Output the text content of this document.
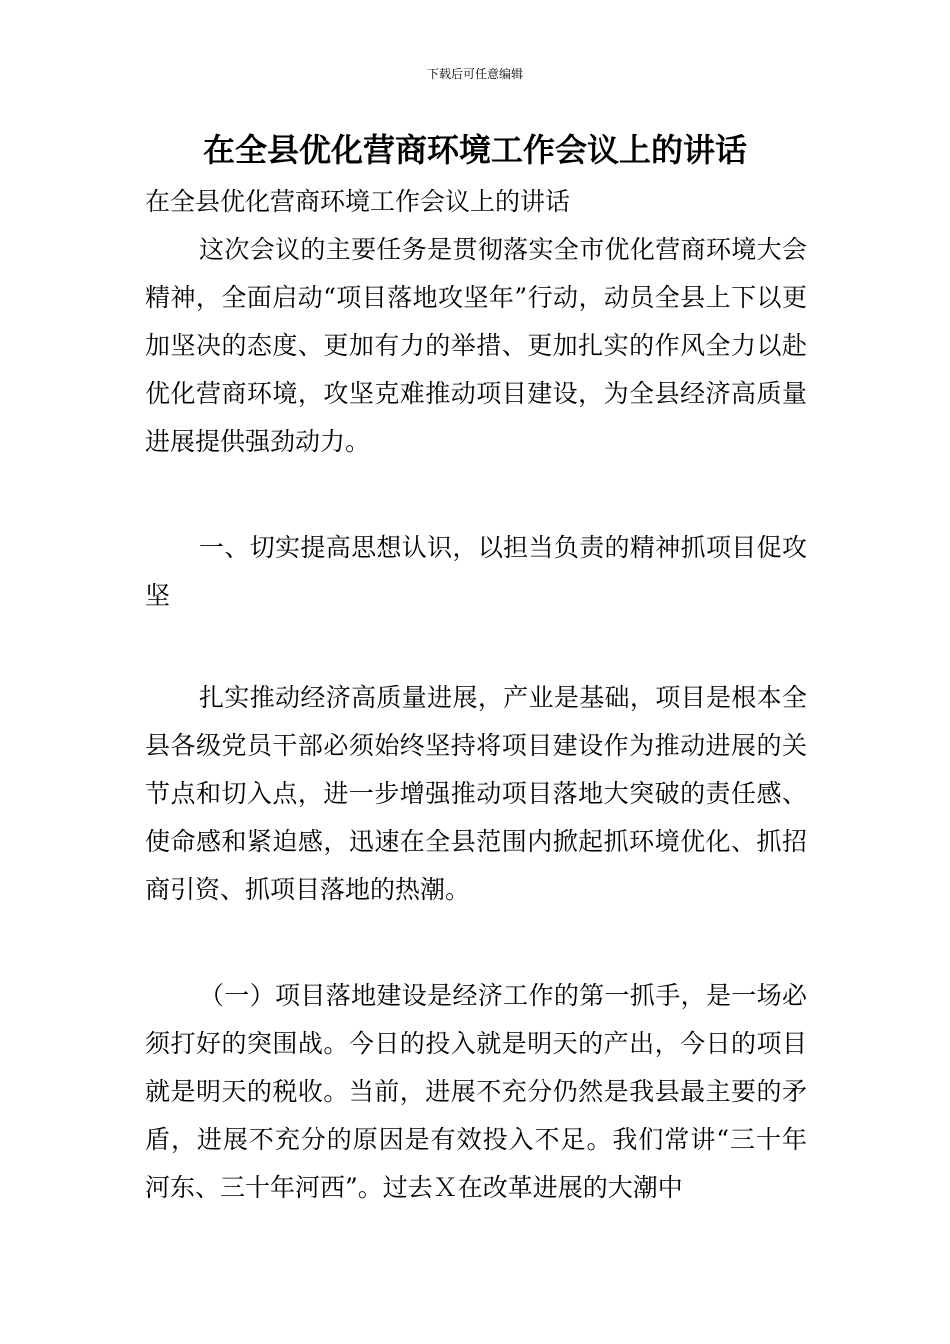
下载后可任意编辑
在全县优化营商环境工作会议上的讲话

在全县优化营商环境工作会议上的讲话

这次会议的主要任务是贯彻落实全市优化营商环境大会精神，全面启动“项目落地攻坚年”行动，动员全县上下以更加坚决的态度、更加有力的举措、更加扎实的作风全力以赴优化营商环境，攻坚克难推动项目建设，为全县经济高质量进展提供强劲动力。

一、切实提高思想认识，以担当负责的精神抓项目促攻坚

扎实推动经济高质量进展，产业是基础，项目是根本全县各级党员干部必须始终坚持将项目建设作为推动进展的关节点和切入点，进一步增强推动项目落地大突破的责任感、使命感和紧迫感，迅速在全县范围内掀起抓环境优化、抓招商引资、抓项目落地的热潮。

（一）项目落地建设是经济工作的第一抓手，是一场必须打好的突围战。今日的投入就是明天的产出，今日的项目就是明天的税收。当前，进展不充分仍然是我县最主要的矛盾，进展不充分的原因是有效投入不足。我们常讲“三十年河东、三十年河西”。过去Ｘ在改革进展的大潮中
